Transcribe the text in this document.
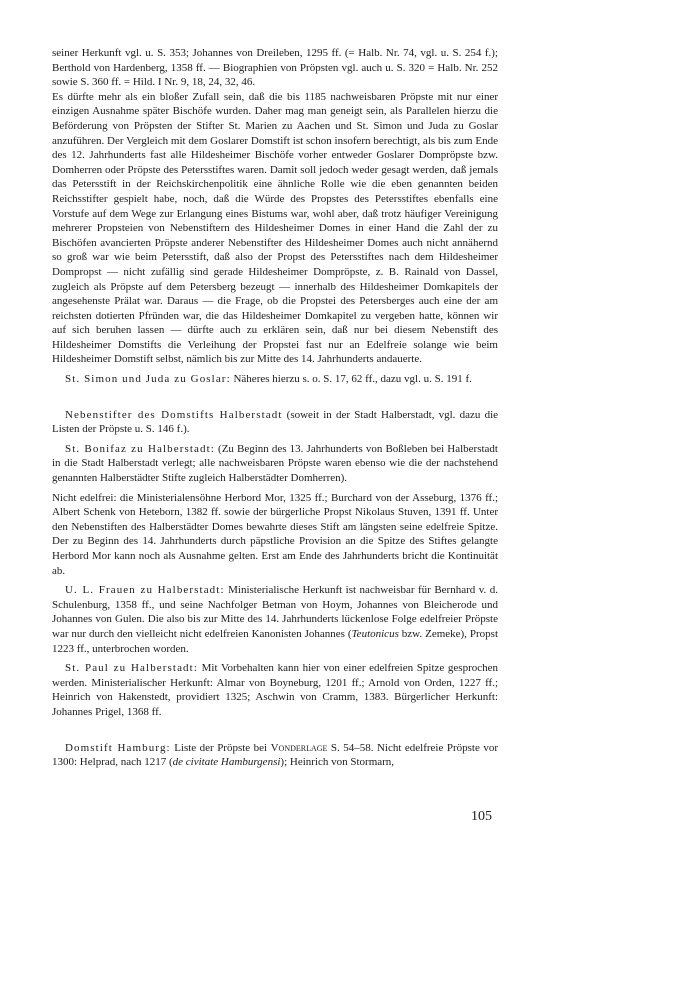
seiner Herkunft vgl. u. S. 353; Johannes von Dreileben, 1295 ff. (= Halb. Nr. 74, vgl. u. S. 254 f.); Berthold von Hardenberg, 1358 ff. — Biographien von Pröpsten vgl. auch u. S. 320 = Halb. Nr. 252 sowie S. 360 ff. = Hild. I Nr. 9, 18, 24, 32, 46.

Es dürfte mehr als ein bloßer Zufall sein, daß die bis 1185 nachweisbaren Pröpste mit nur einer einzigen Ausnahme später Bischöfe wurden. Daher mag man geneigt sein, als Parallelen hierzu die Beförderung von Pröpsten der Stifter St. Marien zu Aachen und St. Simon und Juda zu Goslar anzuführen. Der Vergleich mit dem Goslarer Domstift ist schon insofern berechtigt, als bis zum Ende des 12. Jahrhunderts fast alle Hildesheimer Bischöfe vorher entweder Goslarer Dompröpste bzw. Domherren oder Pröpste des Petersstiftes waren. Damit soll jedoch weder gesagt werden, daß jemals das Petersstift in der Reichskirchenpolitik eine ähnliche Rolle wie die eben genannten beiden Reichsstifter gespielt habe, noch, daß die Würde des Propstes des Petersstiftes ebenfalls eine Vorstufe auf dem Wege zur Erlangung eines Bistums war, wohl aber, daß trotz häufiger Vereinigung mehrerer Propsteien von Nebenstiftern des Hildesheimer Domes in einer Hand die Zahl der zu Bischöfen avancierten Pröpste anderer Nebenstifter des Hildesheimer Domes auch nicht annähernd so groß war wie beim Petersstift, daß also der Propst des Petersstiftes nach dem Hildesheimer Dompropst — nicht zufällig sind gerade Hildesheimer Dompröpste, z. B. Rainald von Dassel, zugleich als Pröpste auf dem Petersberg bezeugt — innerhalb des Hildesheimer Domkapitels der angesehenste Prälat war. Daraus — die Frage, ob die Propstei des Petersberges auch eine der am reichsten dotierten Pfründen war, die das Hildesheimer Domkapitel zu vergeben hatte, können wir auf sich beruhen lassen — dürfte auch zu erklären sein, daß nur bei diesem Nebenstift des Hildesheimer Domstifts die Verleihung der Propstei fast nur an Edelfreie solange wie beim Hildesheimer Domstift selbst, nämlich bis zur Mitte des 14. Jahrhunderts andauerte.

St. Simon und Juda zu Goslar: Näheres hierzu s. o. S. 17, 62 ff., dazu vgl. u. S. 191 f.

Nebenstifter des Domstifts Halberstadt (soweit in der Stadt Halberstadt, vgl. dazu die Listen der Pröpste u. S. 146 f.).

St. Bonifaz zu Halberstadt: (Zu Beginn des 13. Jahrhunderts von Boßleben bei Halberstadt in die Stadt Halberstadt verlegt; alle nachweisbaren Pröpste waren ebenso wie die der nachstehend genannten Halberstädter Stifte zugleich Halberstädter Domherren).

Nicht edelfrei: die Ministerialensöhne Herbord Mor, 1325 ff.; Burchard von der Asseburg, 1376 ff.; Albert Schenk von Heteborn, 1382 ff. sowie der bürgerliche Propst Nikolaus Stuven, 1391 ff. Unter den Nebenstiften des Halberstädter Domes bewahrte dieses Stift am längsten seine edelfreie Spitze. Der zu Beginn des 14. Jahrhunderts durch päpstliche Provision an die Spitze des Stiftes gelangte Herbord Mor kann noch als Ausnahme gelten. Erst am Ende des Jahrhunderts bricht die Kontinuität ab.

U. L. Frauen zu Halberstadt: Ministerialische Herkunft ist nachweisbar für Bernhard v. d. Schulenburg, 1358 ff., und seine Nachfolger Betman von Hoym, Johannes von Bleicherode und Johannes von Gulen. Die also bis zur Mitte des 14. Jahrhunderts lückenlose Folge edelfreier Pröpste war nur durch den vielleicht nicht edelfreien Kanonisten Johannes (Teutonicus bzw. Zemeke), Propst 1223 ff., unterbrochen worden.

St. Paul zu Halberstadt: Mit Vorbehalten kann hier von einer edelfreien Spitze gesprochen werden. Ministerialischer Herkunft: Almar von Boyneburg, 1201 ff.; Arnold von Orden, 1227 ff.; Heinrich von Hakenstedt, providiert 1325; Aschwin von Cramm, 1383. Bürgerlicher Herkunft: Johannes Prigel, 1368 ff.

Domstift Hamburg: Liste der Pröpste bei Vonderlage S. 54–58. Nicht edelfreie Pröpste vor 1300: Helprad, nach 1217 (de civitate Hamburgensi); Heinrich von Stormarn,

105
